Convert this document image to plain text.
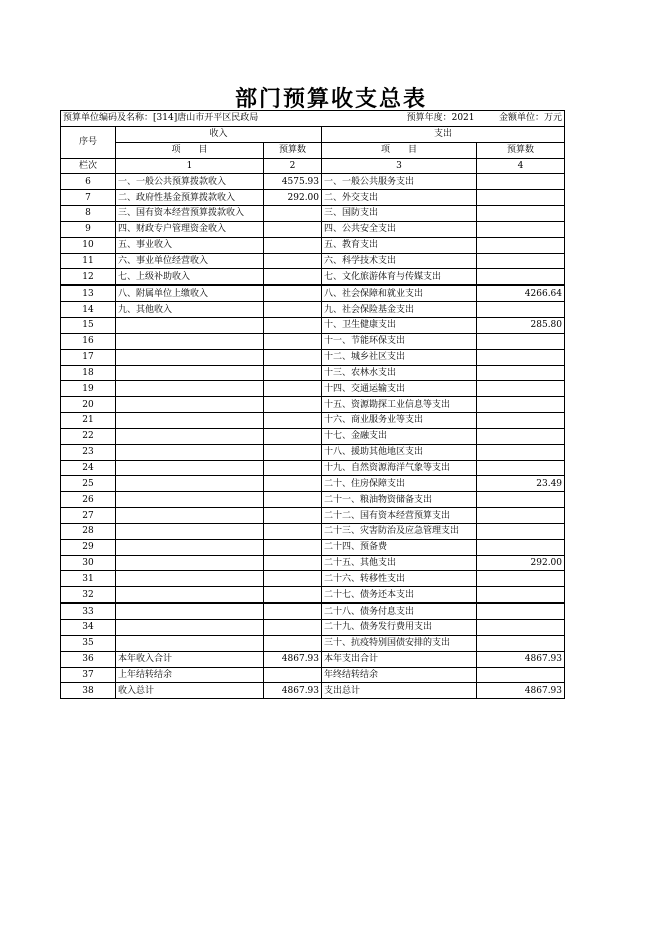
部门预算收支总表
预算单位编码及名称：[314]唐山市开平区民政局			预算年度：2021	金额单位：万元
序号	收入		支出	
	项　　目	预算数	项　　目	预算数
栏次	1	2	3	4
6	一、一般公共预算拨款收入	4575.93	一、一般公共服务支出	
7	二、政府性基金预算拨款收入	292.00	二、外交支出	
8	三、国有资本经营预算拨款收入		三、国防支出	
9	四、财政专户管理资金收入		四、公共安全支出	
10	五、事业收入		五、教育支出	
11	六、事业单位经营收入		六、科学技术支出	
12	七、上级补助收入		七、文化旅游体育与传媒支出	
13	八、附属单位上缴收入		八、社会保障和就业支出	4266.64
14	九、其他收入		九、社会保险基金支出	
15			十、卫生健康支出	285.80
16			十一、节能环保支出	
17			十二、城乡社区支出	
18			十三、农林水支出	
19			十四、交通运输支出	
20			十五、资源勘探工业信息等支出	
21			十六、商业服务业等支出	
22			十七、金融支出	
23			十八、援助其他地区支出	
24			十九、自然资源海洋气象等支出	
25			二十、住房保障支出	23.49
26			二十一、粮油物资储备支出	
27			二十二、国有资本经营预算支出	
28			二十三、灾害防治及应急管理支出	
29			二十四、预备费	
30			二十五、其他支出	292.00
31			二十六、转移性支出	
32			二十七、债务还本支出	
33			二十八、债务付息支出	
34			二十九、债务发行费用支出	
35			三十、抗疫特别国债安排的支出	
36	本年收入合计	4867.93	本年支出合计	4867.93
37	上年结转结余		年终结转结余	
38	收入总计	4867.93	支出总计	4867.93
